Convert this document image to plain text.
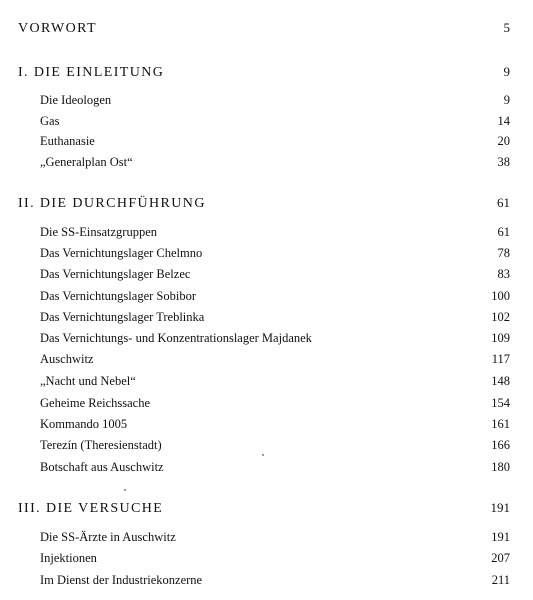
VORWORT	5
I. DIE EINLEITUNG	9
Die Ideologen	9
Gas	14
Euthanasie	20
„Generalplan Ost“	38
II. DIE DURCHFÜHRUNG	61
Die SS-Einsatzgruppen	61
Das Vernichtungslager Chelmno	78
Das Vernichtungslager Belzec	83
Das Vernichtungslager Sobibor	100
Das Vernichtungslager Treblinka	102
Das Vernichtungs- und Konzentrationslager Majdanek	109
Auschwitz	117
„Nacht und Nebel“	148
Geheime Reichssache	154
Kommando 1005	161
Terezín (Theresienstadt)	166
Botschaft aus Auschwitz	180
III. DIE VERSUCHE	191
Die SS-Ärzte in Auschwitz	191
Injektionen	207
Im Dienst der Industriekonzerne	211
